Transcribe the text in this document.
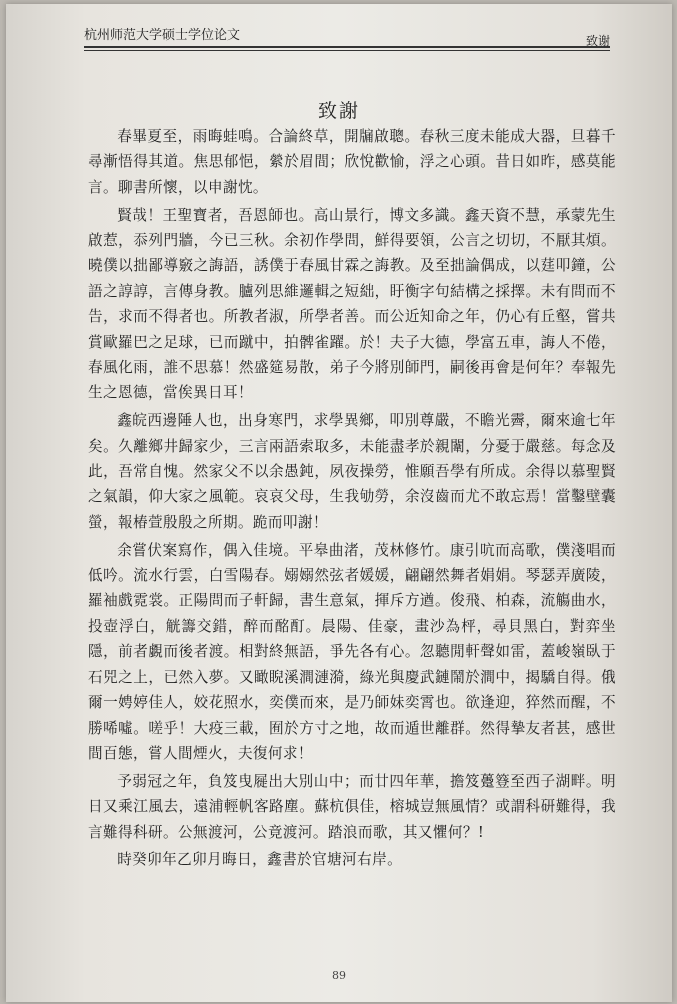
杭州师范大学硕士学位论文	致谢
致謝

春畢夏至，雨晦蛙鳴。合論終草，開牖啟聰。春秋三度未能成大器，旦暮千尋漸悟得其道。焦思郁悒，縈於眉間；欣悅歡愉，浮之心頭。昔日如昨，感莫能言。聊書所懷，以申謝忱。

賢哉！王聖寶者，吾恩師也。高山景行，博文多識。鑫天資不慧，承蒙先生啟惹，忝列門牆，今已三秋。余初作學問，鮮得要領，公言之切切，不厭其煩。曉僕以拙鄙導竅之誨語，誘僕于春風甘霖之誨教。及至拙論偶成，以莛叩鐘，公語之諄諄，言傳身教。臚列思維邏輯之短絀，盱衡字句結構之採擇。未有問而不告，求而不得者也。所教者淑，所學者善。而公近知命之年，仍心有丘壑，嘗共賞歐羅巴之足球，已而蹴中，拍髀雀躍。於！夫子大德，學富五車，誨人不倦，春風化雨，誰不思慕！然盛筵易散，弟子今將別師門，嗣後再會是何年？奉報先生之恩德，當俟異日耳！

鑫皖西邊陲人也，出身寒門，求學異鄉，叩別尊嚴，不瞻光霽，爾來逾七年矣。久離鄉井歸家少，三言兩語索取多，未能盡孝於親闈，分憂于嚴慈。每念及此，吾常自愧。然家父不以余愚鈍，夙夜操勞，惟願吾學有所成。余得以慕聖賢之氣韻，仰大家之風範。哀哀父母，生我劬勞，余沒齒而尤不敢忘焉！當鑿壁囊螢，報椿萱殷殷之所期。跪而叩謝！

余嘗伏案寫作，偶入佳境。平皋曲渚，茂林修竹。康引吭而高歌，僕淺唱而低吟。流水行雲，白雪陽春。嫋嫋然弦者媛媛，翩翩然舞者娟娟。琴瑟弄廣陵，羅袖戲霓裳。正陽問而子軒歸，書生意氣，揮斥方遒。俊飛、柏森，流觴曲水，投壺浮白，觥籌交錯，醉而酩酊。晨陽、佳豪，畫沙為枰，尋貝黑白，對弈坐隱，前者覷而後者渡。相對終無語，爭先各有心。忽聽閒軒聲如雷，蓋峻嶺臥于石兕之上，已然入夢。又瞰睨溪澗漣漪，綠光與慶武鏈鬧於澗中，揭驕自得。俄爾一娉婷佳人，姣花照水，奕僕而來，是乃師妹奕霄也。欲逢迎，猝然而醒，不勝唏噓。嗟乎！大疫三載，囿於方寸之地，故而遁世離群。然得摯友者甚，感世間百態，嘗人間煙火，夫復何求！

予弱冠之年，負笈曳屣出大別山中；而廿四年華，擔笈躉簦至西子湖畔。明日又乘江風去，遠浦輕帆客路塵。蘇杭俱佳，榕城豈無風情？或謂科研難得，我言難得科研。公無渡河，公竟渡河。踏浪而歌，其又懼何？!

時癸卯年乙卯月晦日，鑫書於官塘河右岸。

89
